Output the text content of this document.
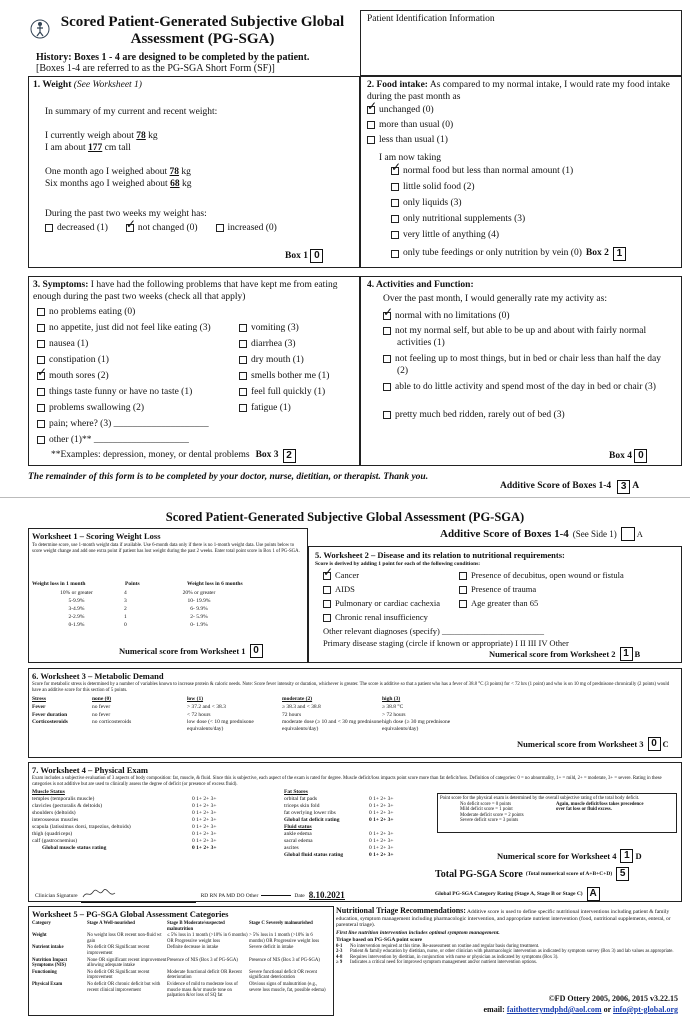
Scored Patient-Generated Subjective Global Assessment (PG-SGA)
History: Boxes 1 - 4 are designed to be completed by the patient.
[Boxes 1-4 are referred to as the PG-SGA Short Form (SF)]
Patient Identification Information
1. Weight (See Worksheet 1)
In summary of my current and recent weight:
I currently weigh about 78 kg
I am about 177 cm tall
One month ago I weighed about 78 kg
Six months ago I weighed about 68 kg
During the past two weeks my weight has:
decreased (1)
✓	not changed (0)	increased (0)
Box 1 0
2. Food intake: As compared to my normal intake, I would rate my food intake during the past month as
✓unchanged (0)
more than usual (0)
less than usual (1)
I am now taking
✓normal food but less than normal amount (1)
little solid food (2)
only liquids (3)
only nutritional supplements (3)
very little of anything (4)
only tube feedings or only nutrition by vein (0) Box 2 1
3. Symptoms: I have had the following problems that have kept me from eating enough during the past two weeks (check all that apply)
no problems eating (0)
no appetite, just did not feel like eating (3)
nausea (1)
constipation (1)
✓mouth sores (2)
things taste funny or have no taste (1)
problems swallowing (2)
pain; where? (3) ____________________
other (1)** ____________________
vomiting (3)
diarrhea (3)
dry mouth (1)
smells bother me (1)
feel full quickly (1)
fatigue (1)
**Examples: depression, money, or dental problems Box 3 2
4. Activities and Function:
Over the past month, I would generally rate my activity as:
✓normal with no limitations (0)
not my normal self, but able to be up and about with fairly normal activities (1)
not feeling up to most things, but in bed or chair less than half the day (2)
able to do little activity and spend most of the day in bed or chair (3)
pretty much bed ridden, rarely out of bed (3)
Box 4 0
The remainder of this form is to be completed by your doctor, nurse, dietitian, or therapist. Thank you.
Additive Score of Boxes 1-4 3 A
Scored Patient-Generated Subjective Global Assessment (PG-SGA)
Additive Score of Boxes 1-4 (See Side 1) A
Worksheet 1 – Scoring Weight Loss
To determine score, use 1-month weight data if available. Use 6-month data only if there is no 1-month weight data. Use points below to score weight change and add one extra point if patient has lost weight during the past 2 weeks. Enter total point score in Box 1 of PG-SGA.
Weight loss in 1 month	Points	Weight loss in 6 months
10% or greater	4	20% or greater
5-9.9%	3	10- 19.9%
3-4.9%	2	6- 9.9%
2-2.9%	1	2- 5.9%
0-1.9%	0	0- 1.9%
Numerical score from Worksheet 1 0
5. Worksheet 2 – Disease and its relation to nutritional requirements:
Score is derived by adding 1 point for each of the following conditions:
✓Cancer
AIDS
Pulmonary or cardiac cachexia
Chronic renal insufficiency
Presence of decubitus, open wound or fistula
Presence of trauma
Age greater than 65
Other relevant diagnoses (specify) ________________________
Primary disease staging (circle if known or appropriate) I II III IV Other
Numerical score from Worksheet 2 1 B
6. Worksheet 3 – Metabolic Demand
Score for metabolic stress is determined by a number of variables known to increase protein & caloric needs. Note: Score fever intensity or duration, whichever is greater. The score is additive so that a patient who has a fever of 38.8 °C (3 points) for < 72 hrs (1 point) and who is on 10 mg of prednisone chronically (2 points) would have an additive score for this section of 5 points.
Stress	none (0)	low (1)	moderate (2)	high (3)
Fever	no fever	> 37.2 and < 38.3	≥ 38.3 and < 38.8	≥ 38.8 °C
Fever duration	no fever	< 72 hours	72 hours	> 72 hours
Corticosteroids	no corticosteroids	low dose (< 10 mg prednisone equivalents/day)
moderate dose (≥ 10 and < 30 mg prednisone equivalents/day)
high dose (≥ 30 mg prednisone equivalents/day)
Numerical score from Worksheet 3 0 C
7. Worksheet 4 – Physical Exam
Exam includes a subjective evaluation of 3 aspects of body composition: fat, muscle, & fluid. Since this is subjective, each aspect of the exam is rated for degree. Muscle deficit/loss impacts point score more than fat deficit/loss. Definition of categories: 0 = no abnormality, 1+ = mild, 2+ = moderate, 3+ = severe. Rating in these categories is not additive but are used to clinically assess the degree of deficit (or presence of excess fluid).
Muscle Status
temples (temporalis muscle)	0 1+ 2+ 3+
clavicles (pectoralis & deltoids)	0 1+ 2+ 3+
shoulders (deltoids)	0 1+ 2+ 3+
interosseous muscles	0 1+ 2+ 3+
scapula (latissimus dorsi, trapezius, deltoids)	0 1+ 2+ 3+
thigh (quadriceps)	0 1+ 2+ 3+
calf (gastrocnemius)	0 1+ 2+ 3+
Global muscle status rating	0 1+ 2+ 3+
Fat Stores
orbital fat pads	0 1+ 2+ 3+
triceps skin fold	0 1+ 2+ 3+
fat overlying lower ribs	0 1+ 2+ 3+
Global fat deficit rating	0 1+ 2+ 3+
Fluid status
ankle edema	0 1+ 2+ 3+
sacral edema	0 1+ 2+ 3+
ascites	0 1+ 2+ 3+
Global fluid status rating	0 1+ 2+ 3+
Point score for the physical exam is determined by the overall subjective rating of the total body deficit.
No deficit score = 0 points
Mild deficit score = 1 point
Moderate deficit score = 2 points
Severe deficit score = 3 points
Again, muscle deficit/loss takes precedence over fat loss or fluid excess.
Numerical score for Worksheet 4 1 D
Total PG-SGA Score (Total numerical score of A+B+C+D) 5
Clinician Signature	RD RN PA MD DO Other	Date 8.10.2021	Global PG-SGA Category Rating (Stage A, Stage B or Stage C) A
Worksheet 5 – PG-SGA Global Assessment Categories
Category	Stage A Well-nourished	Stage B Moderate/suspected malnutrition
Stage C Severely malnourished
Weight	No weight loss OR recent non-fluid wt gain
≤ 5% loss in 1 month (>10% in 6 months) OR Progressive weight loss
> 5% loss in 1 month (>10% in 6 months) OR Progressive weight loss
Nutrient intake	No deficit OR Significant recent improvement
Definite decrease in intake	Severe deficit in intake
Nutrition Impact Symptoms (NIS)
None OR significant recent improvement allowing adequate intake
Presence of NIS (Box 3 of PG-SGA)	Presence of NIS (Box 3 of PG-SGA)
Functioning	No deficit OR Significant recent improvement
Moderate functional deficit OR Recent deterioration
Severe functional deficit OR recent significant deterioration
Physical Exam	No deficit OR chronic deficit but with recent clinical improvement
Evidence of mild to moderate loss of muscle mass &/or muscle tone on palpation &/or loss of SQ fat
Obvious signs of malnutrition (e.g., severe loss muscle, fat, possible edema)
Nutritional Triage Recommendations: Additive score is used to define specific nutritional interventions including patient & family education, symptom management including pharmacologic intervention, and appropriate nutrient intervention (food, nutritional supplements, enteral, or parenteral triage).
First line nutrition intervention includes optimal symptom management.
Triage based on PG-SGA point score
0-1	No intervention required at this time. Re-assessment on routine and regular basis during treatment.
2-3	Patient & family education by dietitian, nurse, or other clinician with pharmacologic intervention as indicated by symptom survey (Box 3) and lab values as appropriate.
4-8	Requires intervention by dietitian, in conjunction with nurse or physician as indicated by symptoms (Box 3).
≥ 9	Indicates a critical need for improved symptom management and/or nutrient intervention options.
©FD Ottery 2005, 2006, 2015 v3.22.15
email: faithotterymdphd@aol.com or info@pt-global.org
